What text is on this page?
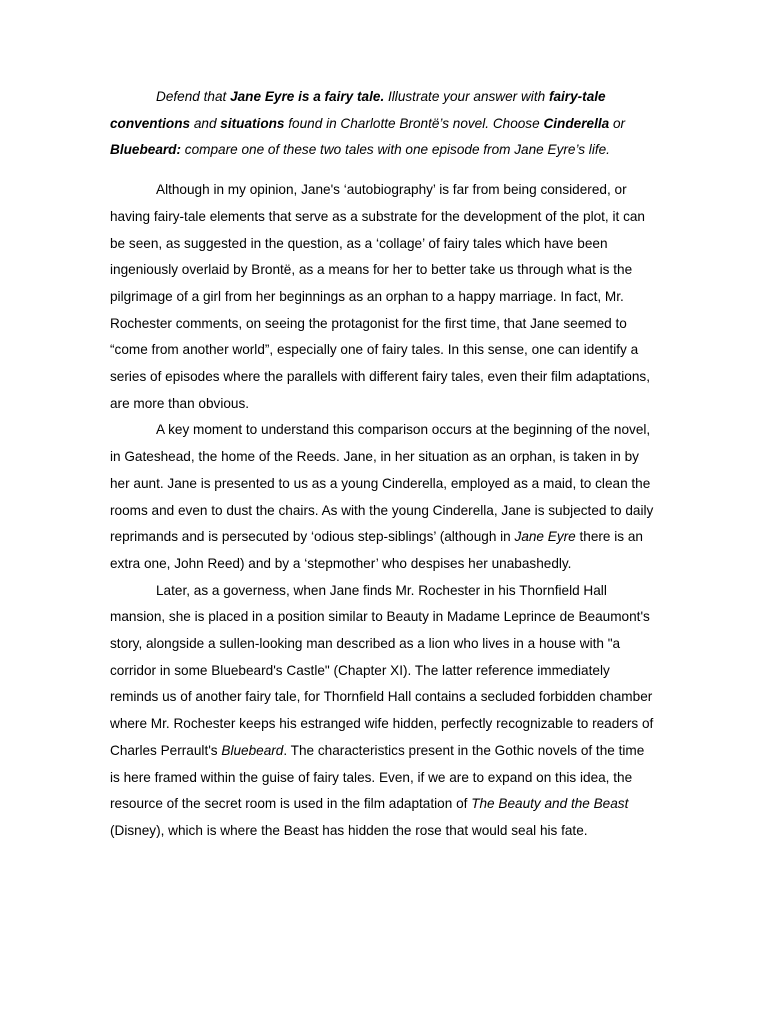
Defend that Jane Eyre is a fairy tale. Illustrate your answer with fairy-tale conventions and situations found in Charlotte Brontë’s novel. Choose Cinderella or Bluebeard: compare one of these two tales with one episode from Jane Eyre’s life.

Although in my opinion, Jane's ‘autobiography’ is far from being considered, or having fairy-tale elements that serve as a substrate for the development of the plot, it can be seen, as suggested in the question, as a ‘collage’ of fairy tales which have been ingeniously overlaid by Brontë, as a means for her to better take us through what is the pilgrimage of a girl from her beginnings as an orphan to a happy marriage. In fact, Mr. Rochester comments, on seeing the protagonist for the first time, that Jane seemed to “come from another world”, especially one of fairy tales. In this sense, one can identify a series of episodes where the parallels with different fairy tales, even their film adaptations, are more than obvious.

A key moment to understand this comparison occurs at the beginning of the novel, in Gateshead, the home of the Reeds. Jane, in her situation as an orphan, is taken in by her aunt. Jane is presented to us as a young Cinderella, employed as a maid, to clean the rooms and even to dust the chairs. As with the young Cinderella, Jane is subjected to daily reprimands and is persecuted by ‘odious step-siblings’ (although in Jane Eyre there is an extra one, John Reed) and by a ‘stepmother’ who despises her unabashedly.

Later, as a governess, when Jane finds Mr. Rochester in his Thornfield Hall mansion, she is placed in a position similar to Beauty in Madame Leprince de Beaumont's story, alongside a sullen-looking man described as a lion who lives in a house with "a corridor in some Bluebeard's Castle" (Chapter XI). The latter reference immediately reminds us of another fairy tale, for Thornfield Hall contains a secluded forbidden chamber where Mr. Rochester keeps his estranged wife hidden, perfectly recognizable to readers of Charles Perrault's Bluebeard. The characteristics present in the Gothic novels of the time is here framed within the guise of fairy tales. Even, if we are to expand on this idea, the resource of the secret room is used in the film adaptation of The Beauty and the Beast (Disney), which is where the Beast has hidden the rose that would seal his fate.
